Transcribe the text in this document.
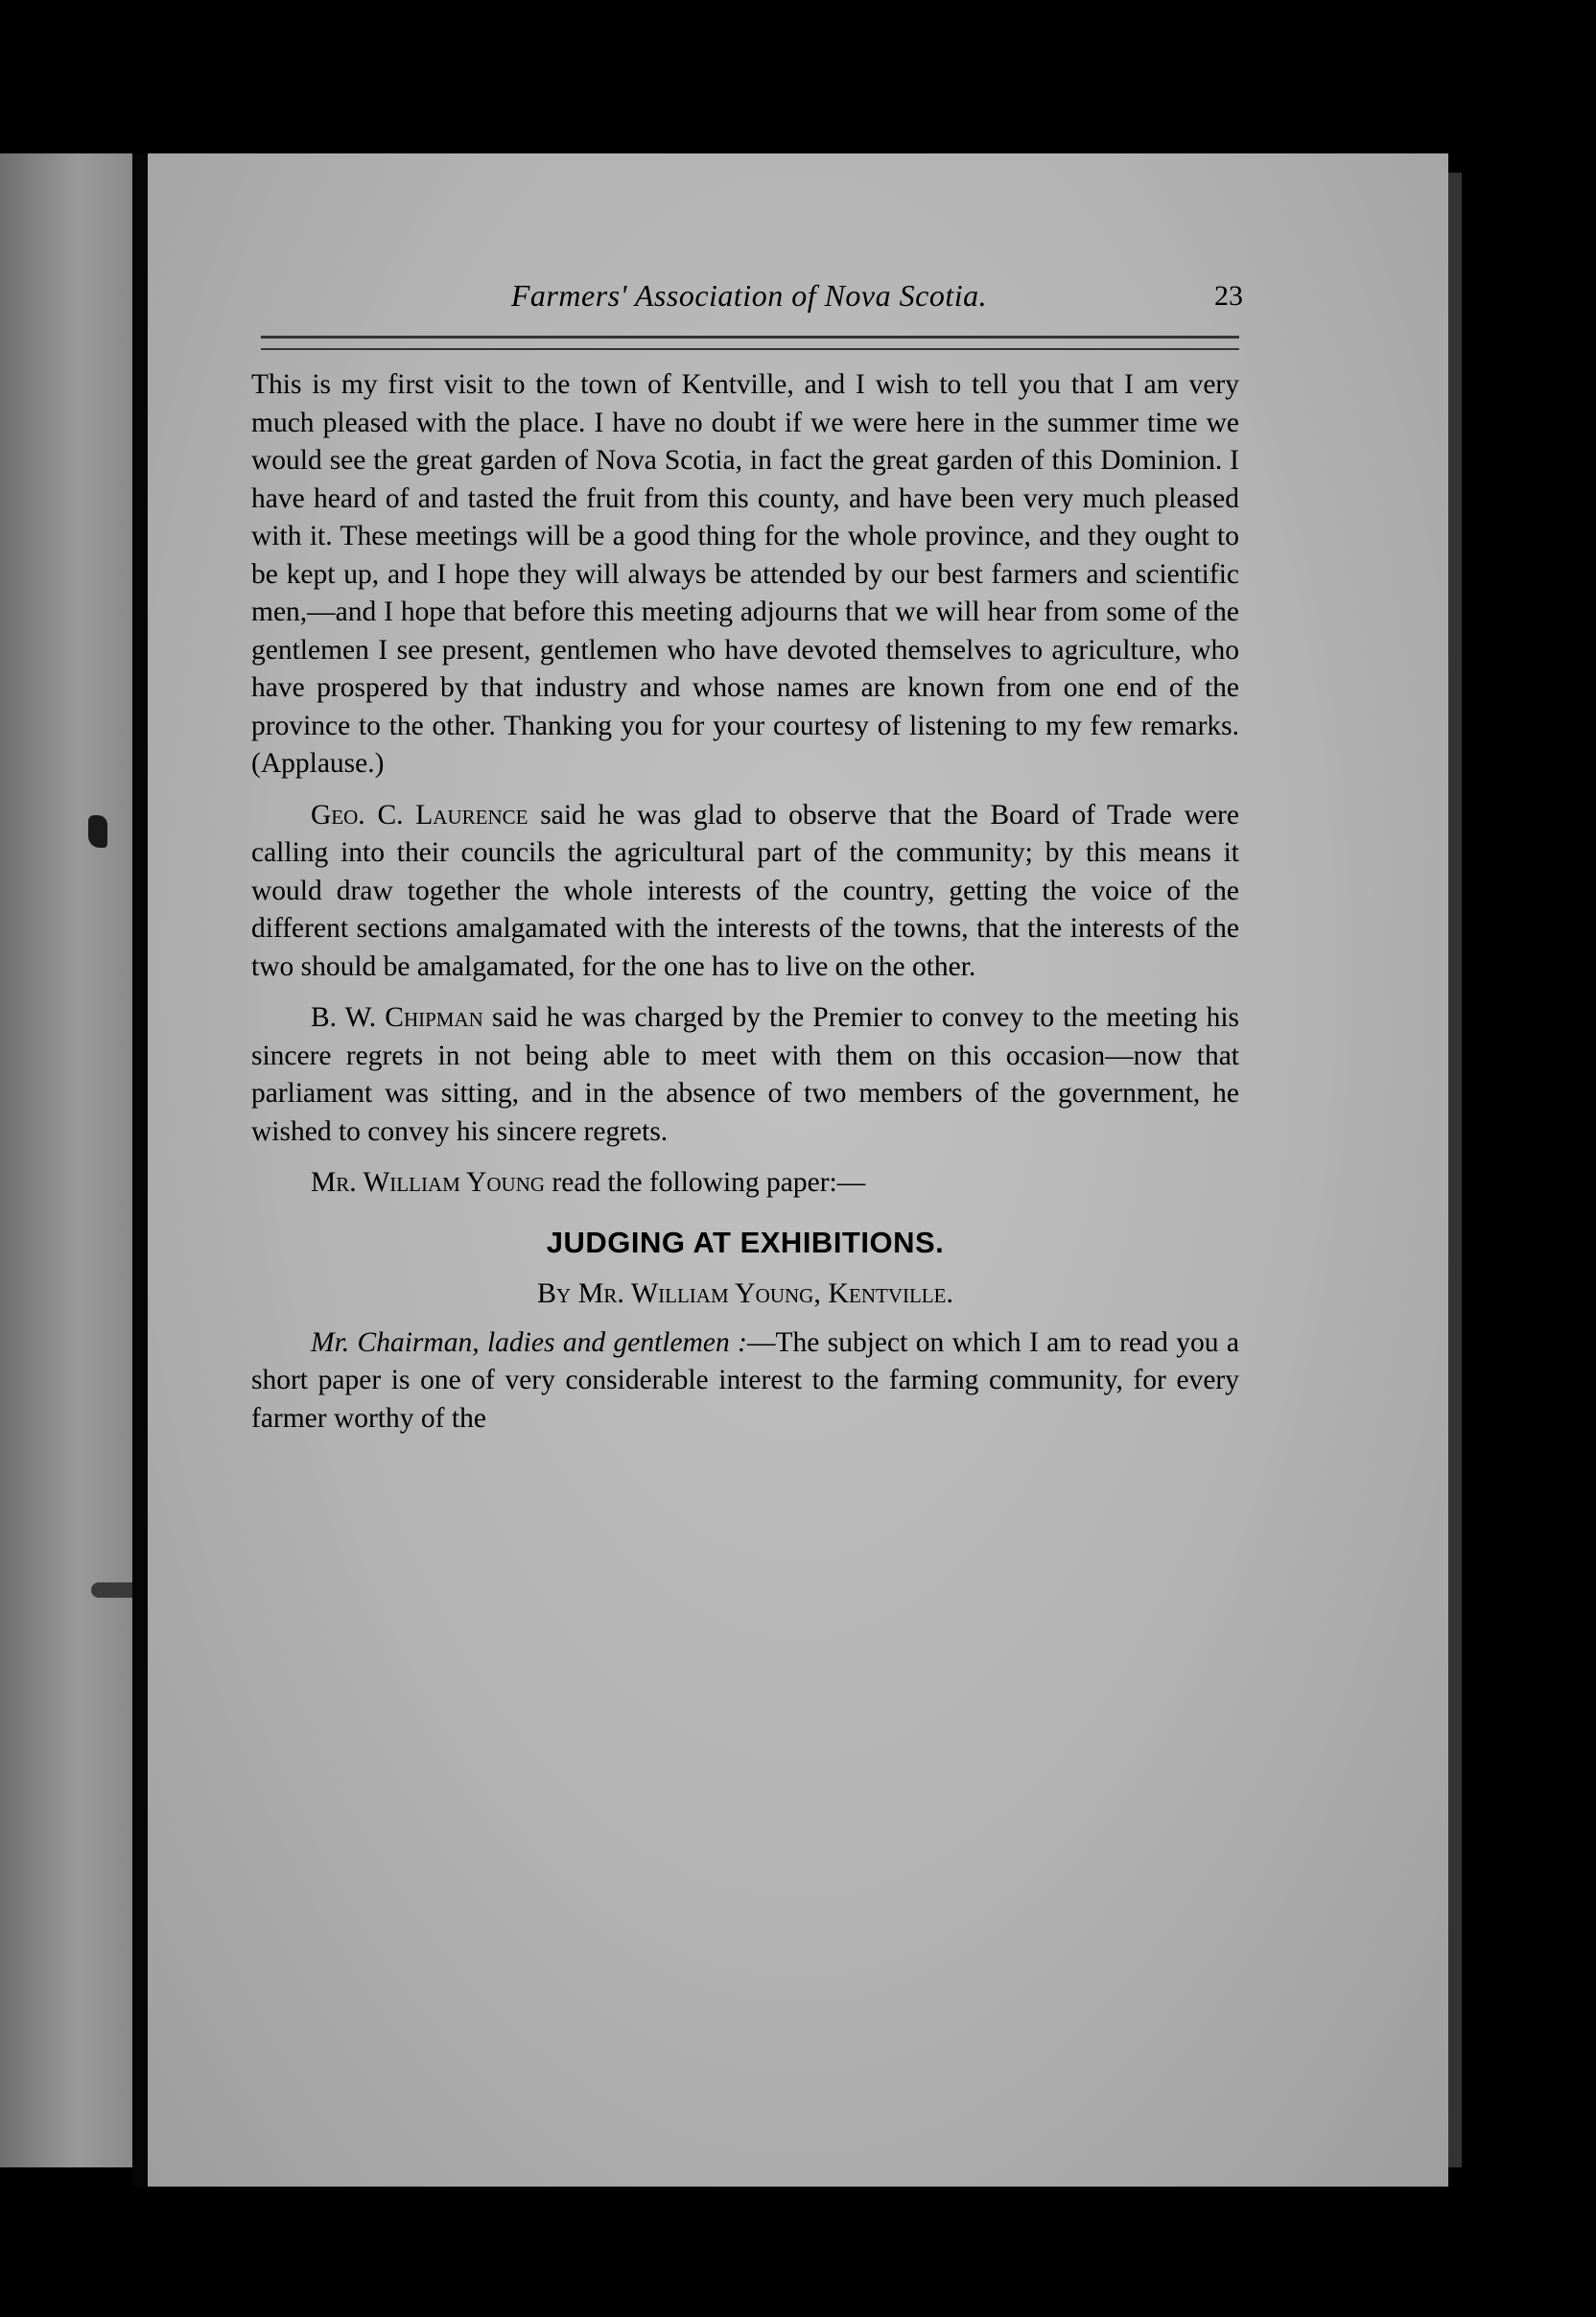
Farmers' Association of Nova Scotia.	23

This is my first visit to the town of Kentville, and I wish to tell you that I am very much pleased with the place. I have no doubt if we were here in the summer time we would see the great garden of Nova Scotia, in fact the great garden of this Dominion. I have heard of and tasted the fruit from this county, and have been very much pleased with it. These meetings will be a good thing for the whole province, and they ought to be kept up, and I hope they will always be attended by our best farmers and scientific men,—and I hope that before this meeting adjourns that we will hear from some of the gentlemen I see present, gentlemen who have devoted themselves to agriculture, who have prospered by that industry and whose names are known from one end of the province to the other. Thanking you for your courtesy of listening to my few remarks. (Applause.)

Geo. C. Laurence said he was glad to observe that the Board of Trade were calling into their councils the agricultural part of the community; by this means it would draw together the whole interests of the country, getting the voice of the different sections amalgamated with the interests of the towns, that the interests of the two should be amalgamated, for the one has to live on the other.

B. W. Chipman said he was charged by the Premier to convey to the meeting his sincere regrets in not being able to meet with them on this occasion—now that parliament was sitting, and in the absence of two members of the government, he wished to convey his sincere regrets.

Mr. William Young read the following paper:—

JUDGING AT EXHIBITIONS.
By Mr. William Young, Kentville.

Mr. Chairman, ladies and gentlemen :—The subject on which I am to read you a short paper is one of very considerable interest to the farming community, for every farmer worthy of the
